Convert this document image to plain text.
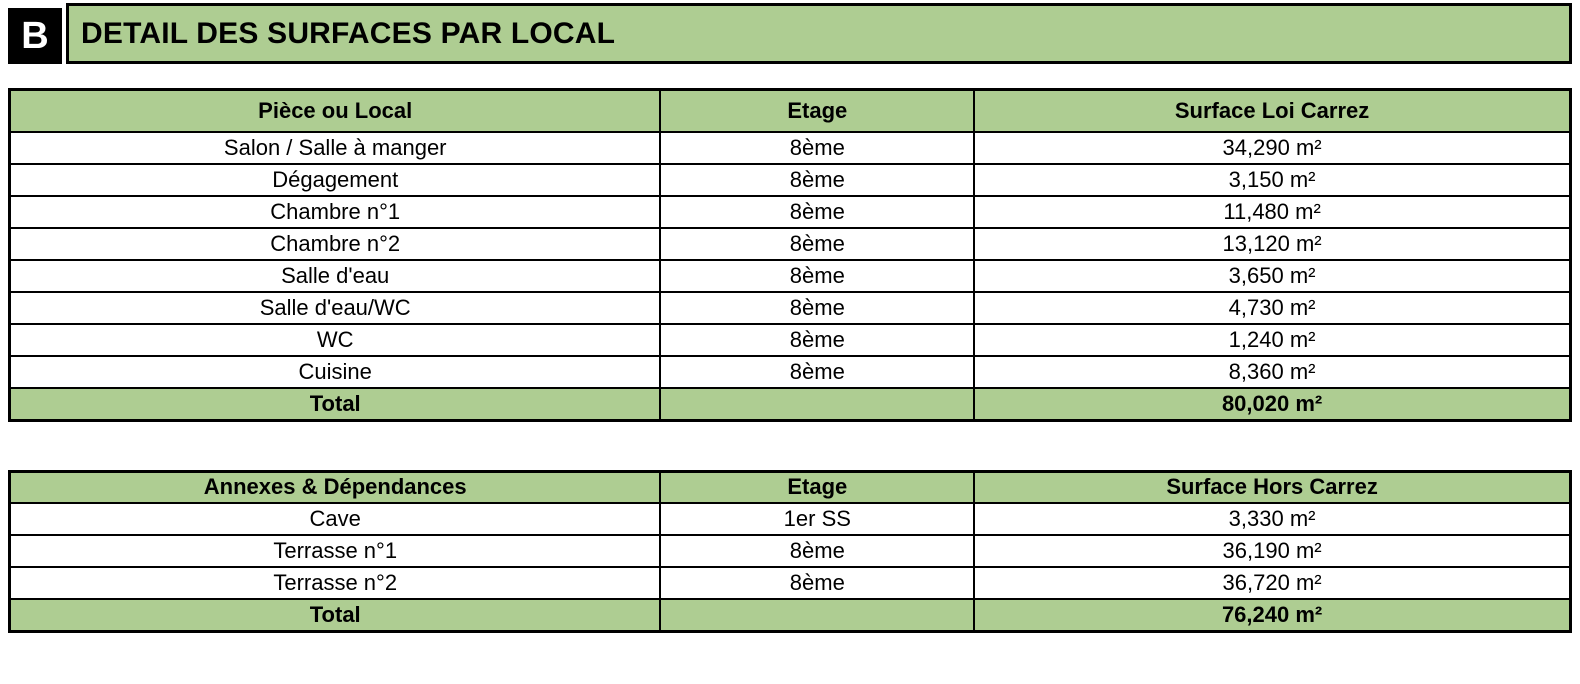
B	DETAIL DES SURFACES PAR LOCAL
Pièce ou Local	Etage	Surface Loi Carrez
Salon / Salle à manger	8ème	34,290 m²
Dégagement	8ème	3,150 m²
Chambre n°1	8ème	11,480 m²
Chambre n°2	8ème	13,120 m²
Salle d'eau	8ème	3,650 m²
Salle d'eau/WC	8ème	4,730 m²
WC	8ème	1,240 m²
Cuisine	8ème	8,360 m²
Total		80,020 m²
Annexes & Dépendances	Etage	Surface Hors Carrez
Cave	1er SS	3,330 m²
Terrasse n°1	8ème	36,190 m²
Terrasse n°2	8ème	36,720 m²
Total		76,240 m²
